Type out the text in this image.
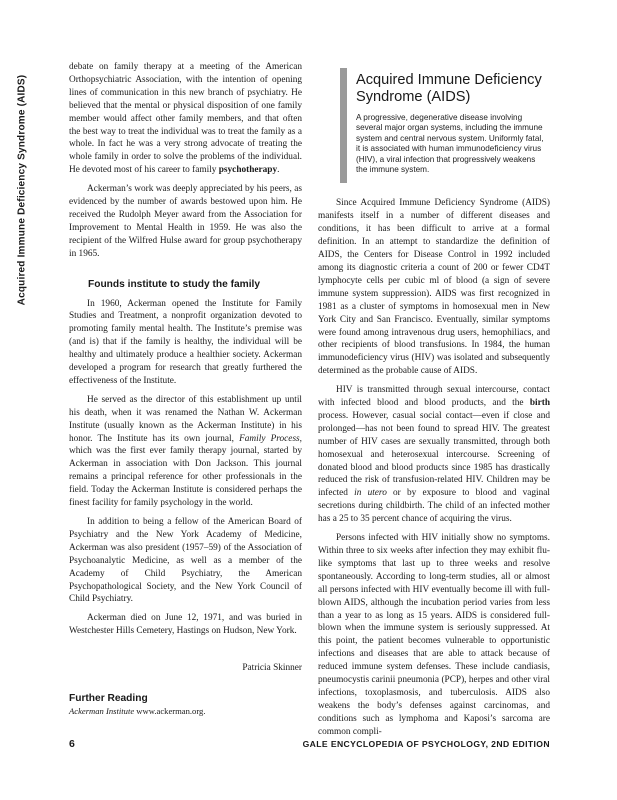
Acquired Immune Deficiency Syndrome (AIDS)

debate on family therapy at a meeting of the American Orthopsychiatric Association, with the intention of opening lines of communication in this new branch of psychiatry. He believed that the mental or physical disposition of one family member would affect other family members, and that often the best way to treat the individual was to treat the family as a whole. In fact he was a very strong advocate of treating the whole family in order to solve the problems of the individual. He devoted most of his career to family psychotherapy.

Ackerman’s work was deeply appreciated by his peers, as evidenced by the number of awards bestowed upon him. He received the Rudolph Meyer award from the Association for Improvement to Mental Health in 1959. He was also the recipient of the Wilfred Hulse award for group psychotherapy in 1965.

Founds institute to study the family

In 1960, Ackerman opened the Institute for Family Studies and Treatment, a nonprofit organization devoted to promoting family mental health. The Institute’s premise was (and is) that if the family is healthy, the individual will be healthy and ultimately produce a healthier society. Ackerman developed a program for research that greatly furthered the effectiveness of the Institute.

He served as the director of this establishment up until his death, when it was renamed the Nathan W. Ackerman Institute (usually known as the Ackerman Institute) in his honor. The Institute has its own journal, Family Process, which was the first ever family therapy journal, started by Ackerman in association with Don Jackson. This journal remains a principal reference for other professionals in the field. Today the Ackerman Institute is considered perhaps the finest facility for family psychology in the world.

In addition to being a fellow of the American Board of Psychiatry and the New York Academy of Medicine, Ackerman was also president (1957–59) of the Association of Psychoanalytic Medicine, as well as a member of the Academy of Child Psychiatry, the American Psychopathological Society, and the New York Council of Child Psychiatry.

Ackerman died on June 12, 1971, and was buried in Westchester Hills Cemetery, Hastings on Hudson, New York.

Patricia Skinner

Further Reading
Ackerman Institute www.ackerman.org.
Acquired Immune Deficiency Syndrome (AIDS)
A progressive, degenerative disease involving several major organ systems, including the immune system and central nervous system. Uniformly fatal, it is associated with human immunodeficiency virus (HIV), a viral infection that progressively weakens the immune system.

Since Acquired Immune Deficiency Syndrome (AIDS) manifests itself in a number of different diseases and conditions, it has been difficult to arrive at a formal definition. In an attempt to standardize the definition of AIDS, the Centers for Disease Control in 1992 included among its diagnostic criteria a count of 200 or fewer CD4T lymphocyte cells per cubic ml of blood (a sign of severe immune system suppression). AIDS was first recognized in 1981 as a cluster of symptoms in homosexual men in New York City and San Francisco. Eventually, similar symptoms were found among intravenous drug users, hemophiliacs, and other recipients of blood transfusions. In 1984, the human immunodeficiency virus (HIV) was isolated and subsequently determined as the probable cause of AIDS.

HIV is transmitted through sexual intercourse, contact with infected blood and blood products, and the birth process. However, casual social contact—even if close and prolonged—has not been found to spread HIV. The greatest number of HIV cases are sexually transmitted, through both homosexual and heterosexual intercourse. Screening of donated blood and blood products since 1985 has drastically reduced the risk of transfusion-related HIV. Children may be infected in utero or by exposure to blood and vaginal secretions during childbirth. The child of an infected mother has a 25 to 35 percent chance of acquiring the virus.

Persons infected with HIV initially show no symptoms. Within three to six weeks after infection they may exhibit flu-like symptoms that last up to three weeks and resolve spontaneously. According to long-term studies, all or almost all persons infected with HIV eventually become ill with full-blown AIDS, although the incubation period varies from less than a year to as long as 15 years. AIDS is considered full-blown when the immune system is seriously suppressed. At this point, the patient becomes vulnerable to opportunistic infections and diseases that are able to attack because of reduced immune system defenses. These include candiasis, pneumocystis carinii pneumonia (PCP), herpes and other viral infections, toxoplasmosis, and tuberculosis. AIDS also weakens the body’s defenses against carcinomas, and conditions such as lymphoma and Kaposi’s sarcoma are common compli-

6	GALE ENCYCLOPEDIA OF PSYCHOLOGY, 2ND EDITION
